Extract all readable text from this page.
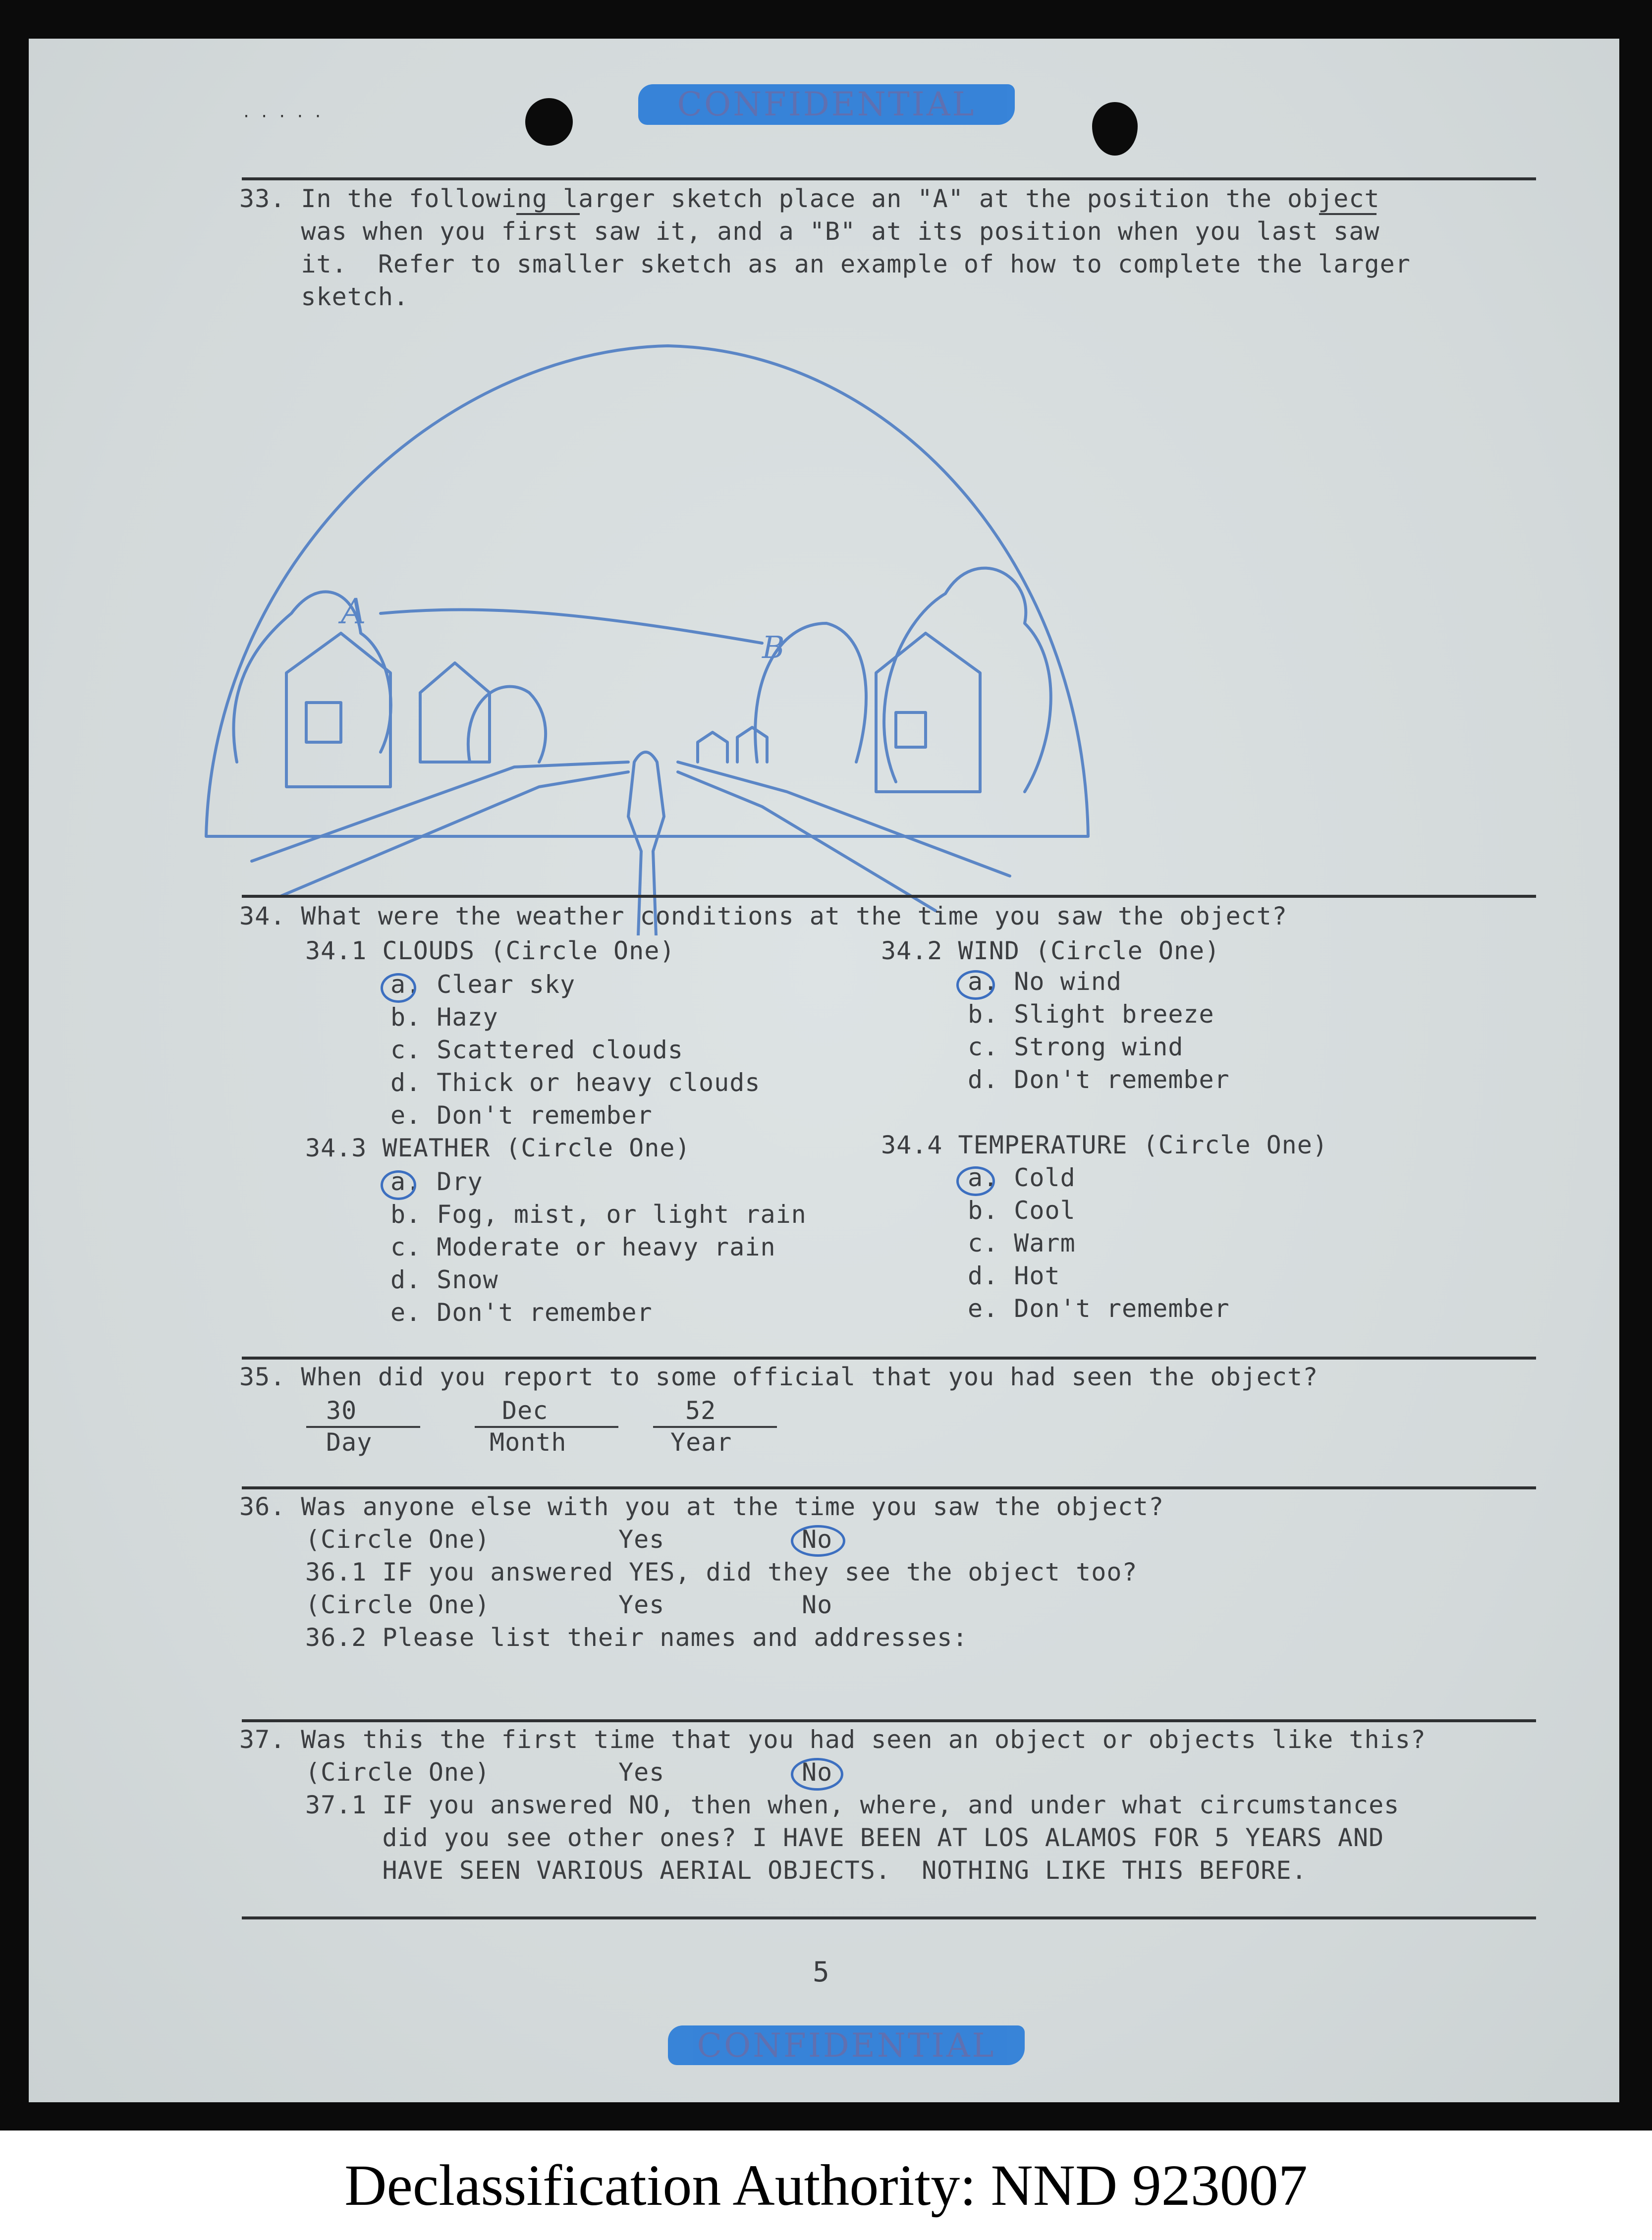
· · · · ·	CONFIDENTIAL
33. In the following larger sketch place an "A" at the position the object
was when you first saw it, and a "B" at its position when you last saw
it.  Refer to smaller sketch as an example of how to complete the larger
sketch.
A
B
34. What were the weather conditions at the time you saw the object?
34.1 CLOUDS (Circle One)
a. Clear sky
b. Hazy
c. Scattered clouds
d. Thick or heavy clouds
e. Don't remember
34.2 WIND (Circle One)
a. No wind
b. Slight breeze
c. Strong wind
d. Don't remember
34.3 WEATHER (Circle One)
a. Dry
b. Fog, mist, or light rain
c. Moderate or heavy rain
d. Snow
e. Don't remember
34.4 TEMPERATURE (Circle One)
a. Cold
b. Cool
c. Warm
d. Hot
e. Don't remember
35. When did you report to some official that you had seen the object?
30	Dec	52
Day	Month	Year
36. Was anyone else with you at the time you saw the object?
(Circle One)	Yes	No
36.1 IF you answered YES, did they see the object too?
(Circle One)	Yes	No
36.2 Please list their names and addresses:
37. Was this the first time that you had seen an object or objects like this?
(Circle One)	Yes	No
37.1 IF you answered NO, then when, where, and under what circumstances
did you see other ones? I HAVE BEEN AT LOS ALAMOS FOR 5 YEARS AND
HAVE SEEN VARIOUS AERIAL OBJECTS.  NOTHING LIKE THIS BEFORE.
5
CONFIDENTIAL
Declassification Authority: NND 923007
